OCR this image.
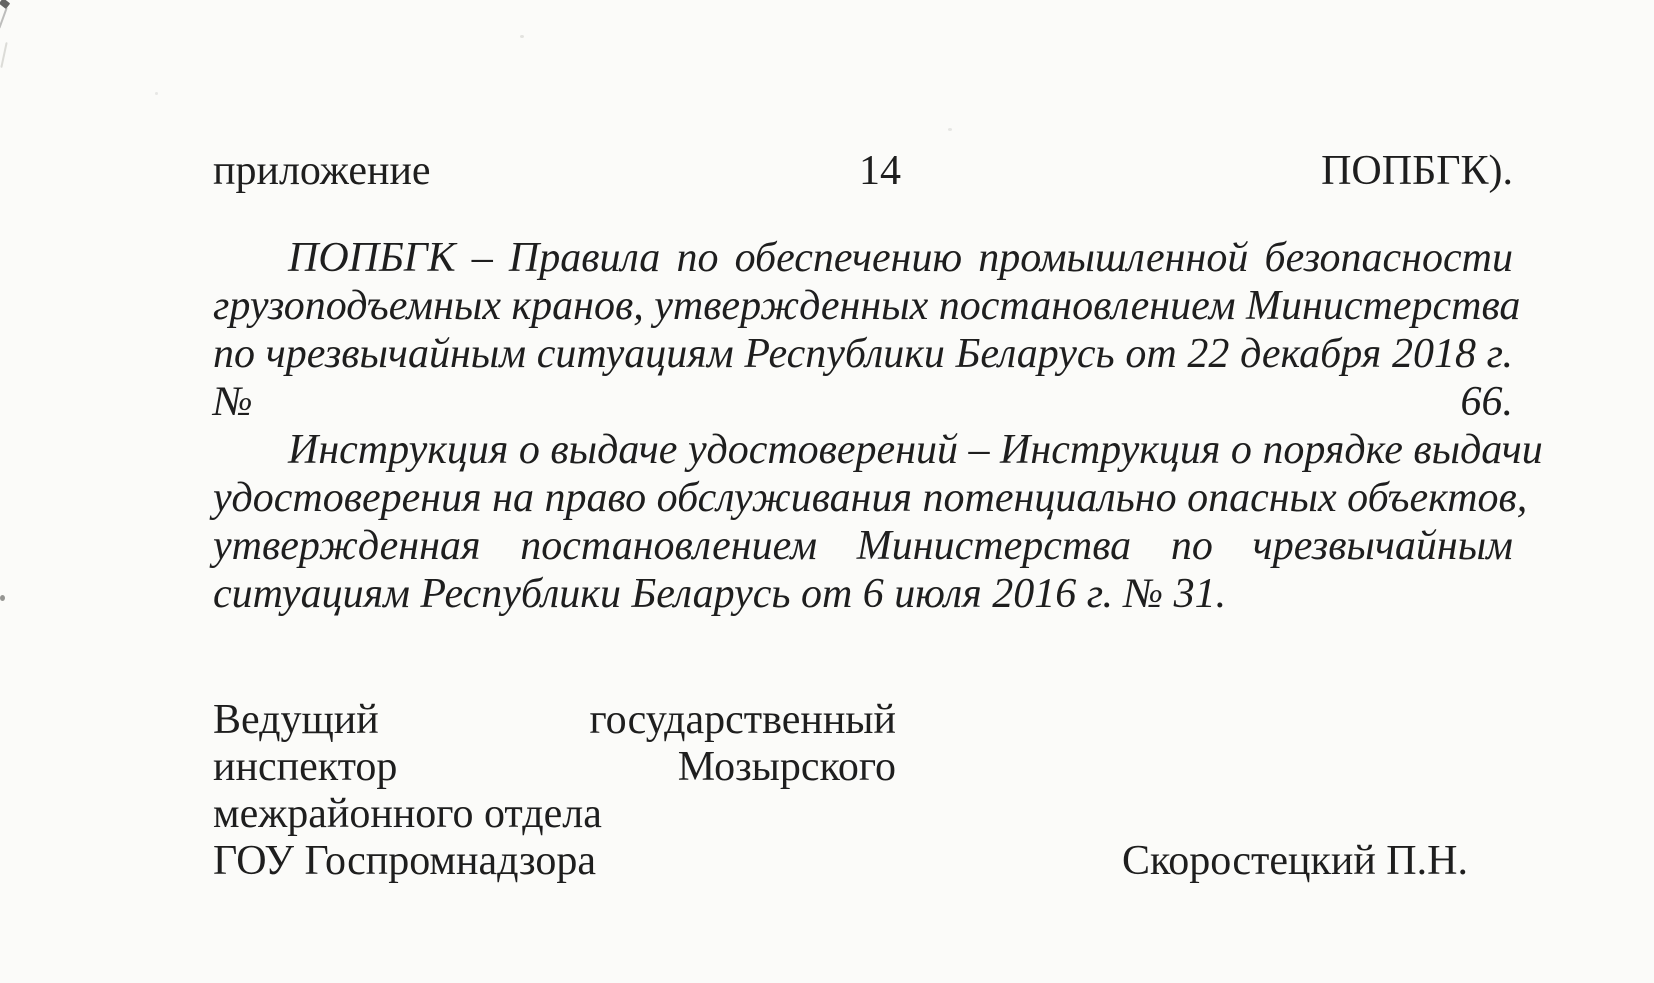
приложение	14	ПОПБГК).
ПОПБГК – Правила по обеспечению промышленной безопасности
грузоподъемных кранов, утвержденных постановлением Министерства
по чрезвычайным ситуациям Республики Беларусь от 22 декабря 2018 г.
№	66.
Инструкция о выдаче удостоверений – Инструкция о порядке выдачи
удостоверения на право обслуживания потенциально опасных объектов,
утвержденная постановлением Министерства по чрезвычайным
ситуациям Республики Беларусь от 6 июля 2016 г. № 31.
Ведущий	государственный
инспектор	Мозырского
межрайонного отдела
ГОУ Госпромнадзора	Скоростецкий П.Н.
